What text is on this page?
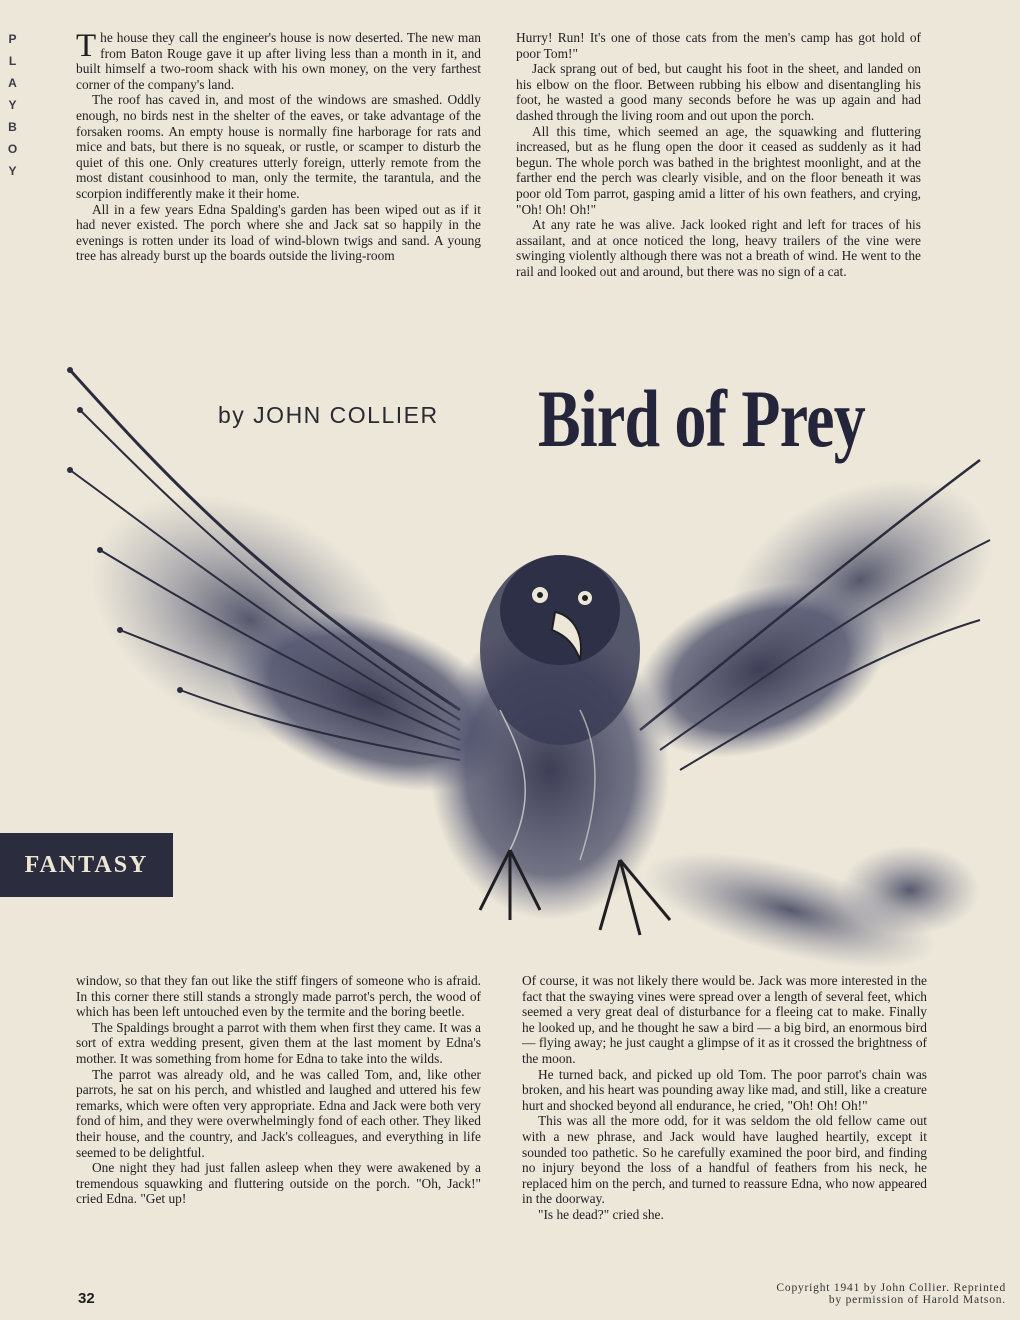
P
L
A
Y
B
O
Y

The house they call the engineer's house is now deserted. The new man from Baton Rouge gave it up after living less than a month in it, and built himself a two-room shack with his own money, on the very farthest corner of the company's land.

The roof has caved in, and most of the windows are smashed. Oddly enough, no birds nest in the shelter of the eaves, or take advantage of the forsaken rooms. An empty house is normally fine harborage for rats and mice and bats, but there is no squeak, or rustle, or scamper to disturb the quiet of this one. Only creatures utterly foreign, utterly remote from the most distant cousinhood to man, only the termite, the tarantula, and the scorpion indifferently make it their home.

All in a few years Edna Spalding's garden has been wiped out as if it had never existed. The porch where she and Jack sat so happily in the evenings is rotten under its load of wind-blown twigs and sand. A young tree has already burst up the boards outside the living-room

Hurry! Run! It's one of those cats from the men's camp has got hold of poor Tom!"

Jack sprang out of bed, but caught his foot in the sheet, and landed on his elbow on the floor. Between rubbing his elbow and disentangling his foot, he wasted a good many seconds before he was up again and had dashed through the living room and out upon the porch.

All this time, which seemed an age, the squawking and fluttering increased, but as he flung open the door it ceased as suddenly as it had begun. The whole porch was bathed in the brightest moonlight, and at the farther end the perch was clearly visible, and on the floor beneath it was poor old Tom parrot, gasping amid a litter of his own feathers, and crying, "Oh! Oh! Oh!"

At any rate he was alive. Jack looked right and left for traces of his assailant, and at once noticed the long, heavy trailers of the vine were swinging violently although there was not a breath of wind. He went to the rail and looked out and around, but there was no sign of a cat.

by JOHN COLLIER Bird of Prey
FANTASY

window, so that they fan out like the stiff fingers of someone who is afraid. In this corner there still stands a strongly made parrot's perch, the wood of which has been left untouched even by the termite and the boring beetle.

The Spaldings brought a parrot with them when first they came. It was a sort of extra wedding present, given them at the last moment by Edna's mother. It was something from home for Edna to take into the wilds.

The parrot was already old, and he was called Tom, and, like other parrots, he sat on his perch, and whistled and laughed and uttered his few remarks, which were often very appropriate. Edna and Jack were both very fond of him, and they were overwhelmingly fond of each other. They liked their house, and the country, and Jack's colleagues, and everything in life seemed to be delightful.

One night they had just fallen asleep when they were awakened by a tremendous squawking and fluttering outside on the porch. "Oh, Jack!" cried Edna. "Get up!

Of course, it was not likely there would be. Jack was more interested in the fact that the swaying vines were spread over a length of several feet, which seemed a very great deal of disturbance for a fleeing cat to make. Finally he looked up, and he thought he saw a bird — a big bird, an enormous bird — flying away; he just caught a glimpse of it as it crossed the brightness of the moon.

He turned back, and picked up old Tom. The poor parrot's chain was broken, and his heart was pounding away like mad, and still, like a creature hurt and shocked beyond all endurance, he cried, "Oh! Oh! Oh!"

This was all the more odd, for it was seldom the old fellow came out with a new phrase, and Jack would have laughed heartily, except it sounded too pathetic. So he carefully examined the poor bird, and finding no injury beyond the loss of a handful of feathers from his neck, he replaced him on the perch, and turned to reassure Edna, who now appeared in the doorway.

"Is he dead?" cried she.

32
Copyright 1941 by John Collier. Reprinted
by permission of Harold Matson.
